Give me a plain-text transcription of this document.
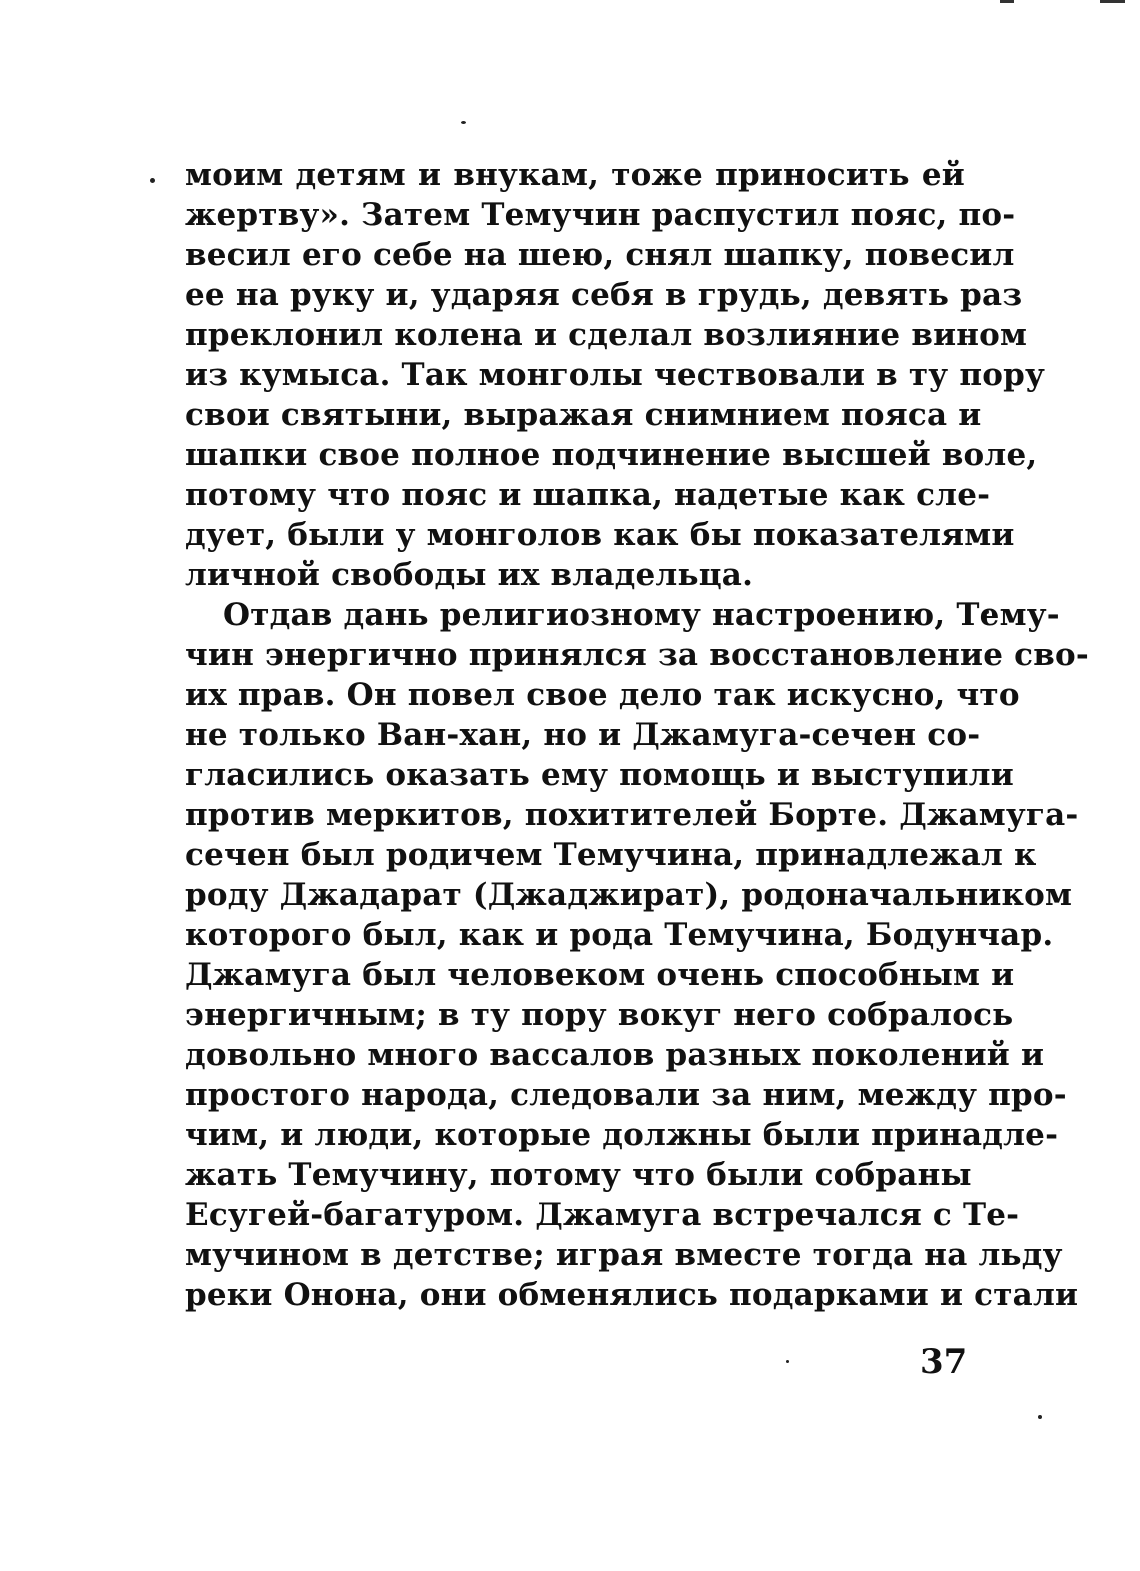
моим детям и внукам, тоже приносить ей
жертву». Затем Темучин распустил пояс, по-
весил его себе на шею, снял шапку, повесил
ее на руку и, ударяя себя в грудь, девять раз
преклонил колена и сделал возлияние вином
из кумыса. Так монголы чествовали в ту пору
свои святыни, выражая снимнием пояса и
шапки свое полное подчинение высшей воле,
потому что пояс и шапка, надетые как сле-
дует, были у монголов как бы показателями
личной свободы их владельца.
Отдав дань религиозному настроению, Тему-
чин энергично принялся за восстановление сво-
их прав. Он повел свое дело так искусно, что
не только Ван-хан, но и Джамуга-сечен со-
гласились оказать ему помощь и выступили
против меркитов, похитителей Борте. Джамуга-
сечен был родичем Темучина, принадлежал к
роду Джадарат (Джаджират), родоначальником
которого был, как и рода Темучина, Бодунчар.
Джамуга был человеком очень способным и
энергичным; в ту пору вокуг него собралось
довольно много вассалов разных поколений и
простого народа, следовали за ним, между про-
чим, и люди, которые должны были принадле-
жать Темучину, потому что были собраны
Есугей-багатуром. Джамуга встречался с Те-
мучином в детстве; играя вместе тогда на льду
реки Онона, они обменялись подарками и стали
37
